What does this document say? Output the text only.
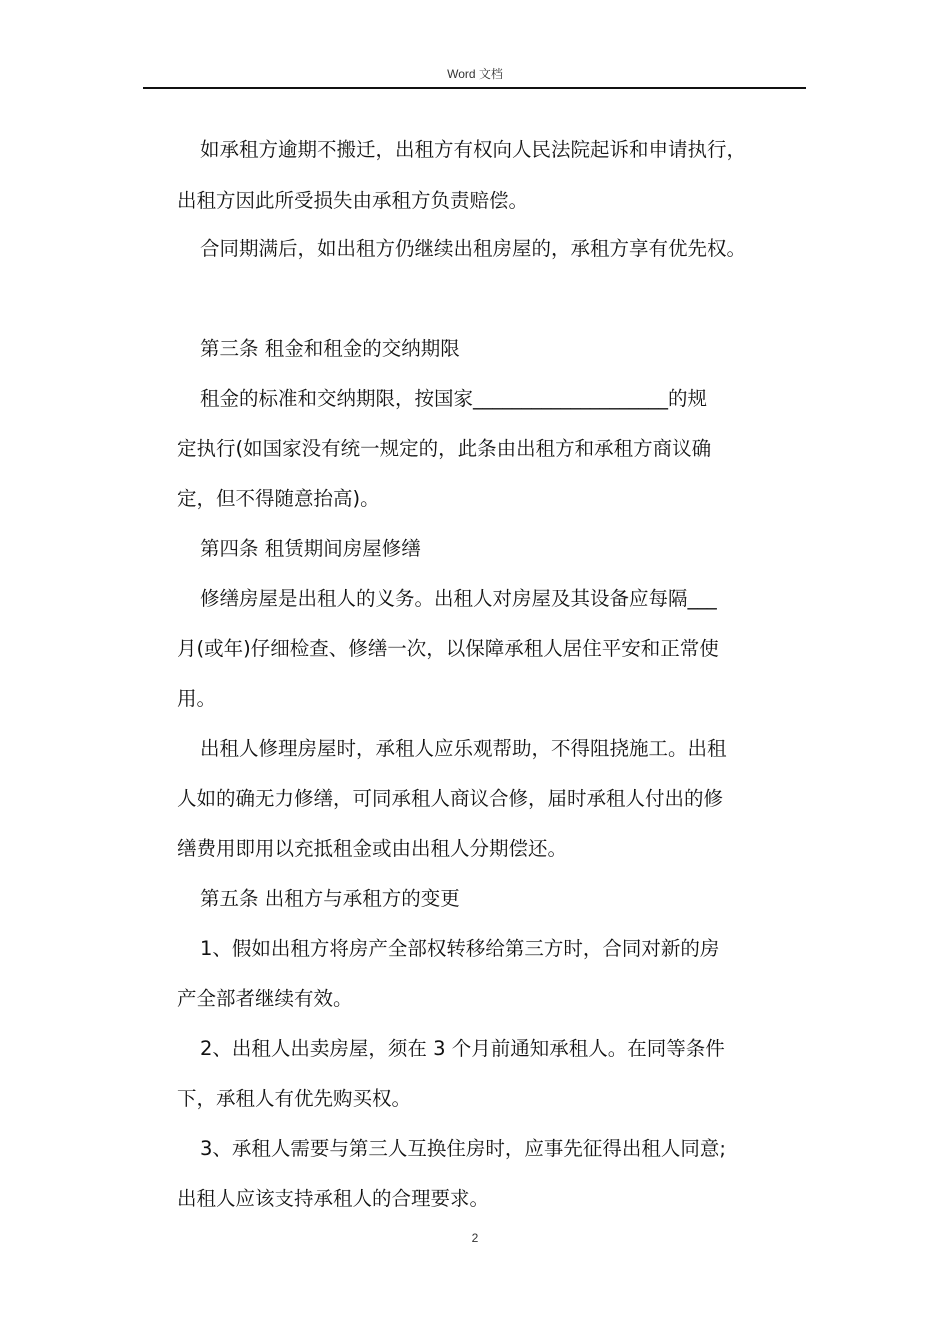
Word 文档

如承租方逾期不搬迁，出租方有权向人民法院起诉和申请执行，

出租方因此所受损失由承租方负责赔偿。

合同期满后，如出租方仍继续出租房屋的，承租方享有优先权。

第三条 租金和租金的交纳期限

租金的标准和交纳期限，按国家____________________的规

定执行(如国家没有统一规定的，此条由出租方和承租方商议确

定，但不得随意抬高)。

第四条 租赁期间房屋修缮

修缮房屋是出租人的义务。出租人对房屋及其设备应每隔___

月(或年)仔细检查、修缮一次，以保障承租人居住平安和正常使

用。

出租人修理房屋时，承租人应乐观帮助，不得阻挠施工。出租

人如的确无力修缮，可同承租人商议合修，届时承租人付出的修

缮费用即用以充抵租金或由出租人分期偿还。

第五条 出租方与承租方的变更

1、假如出租方将房产全部权转移给第三方时，合同对新的房

产全部者继续有效。

2、出租人出卖房屋，须在 3 个月前通知承租人。在同等条件

下，承租人有优先购买权。

3、承租人需要与第三人互换住房时，应事先征得出租人同意;

出租人应该支持承租人的合理要求。

2
